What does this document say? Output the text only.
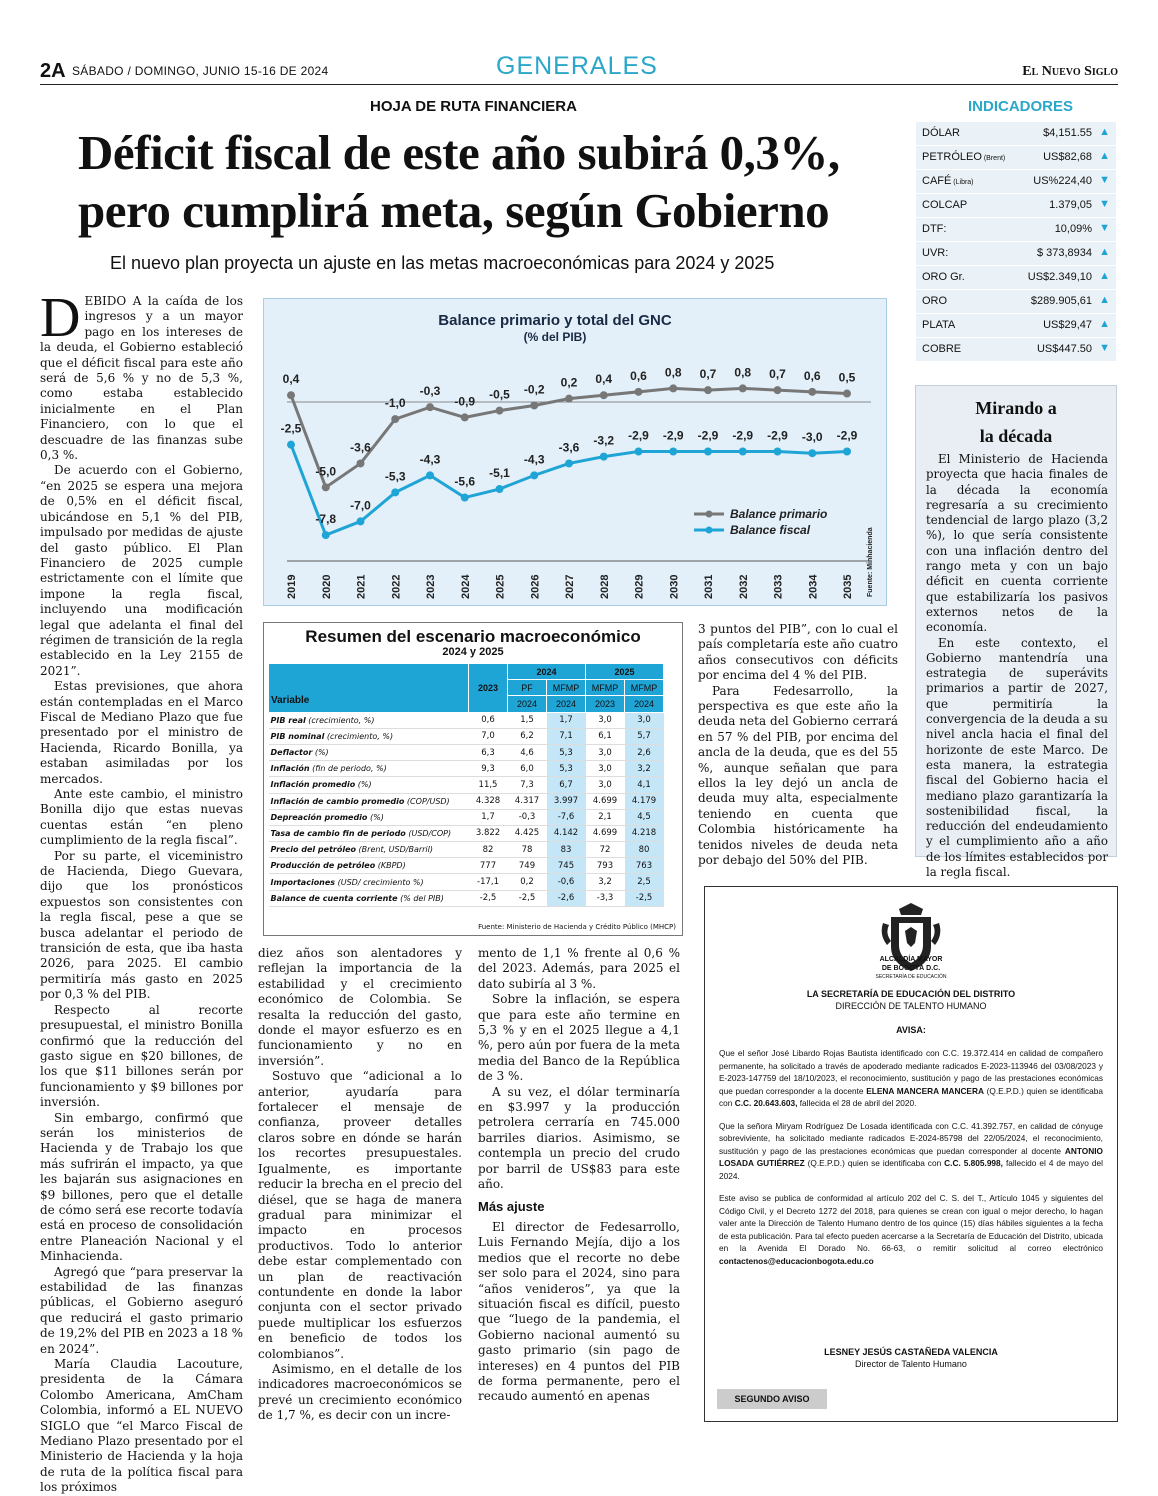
2A SÁBADO / DOMINGO, JUNIO 15-16 DE 2024	GENERALES	El Nuevo Siglo
HOJA DE RUTA FINANCIERA
Déficit fiscal de este año subirá 0,3%,
pero cumplirá meta, según Gobierno
El nuevo plan proyecta un ajuste en las metas macroeconómicas para 2024 y 2025

DEBIDO A la caída de los ingresos y a un mayor pago en los intereses de la deuda, el Gobierno estableció que el déficit fiscal para este año será de 5,6 % y no de 5,3 %, como estaba establecido inicialmente en el Plan Financiero, con lo que el descuadre de las finanzas sube 0,3 %.

De acuerdo con el Gobierno, “en 2025 se espera una mejora de 0,5% en el déficit fiscal, ubicándose en 5,1 % del PIB, impulsado por medidas de ajuste del gasto público. El Plan Financiero de 2025 cumple estrictamente con el límite que impone la regla fiscal, incluyendo una modificación legal que adelanta el final del régimen de transición de la regla establecido en la Ley 2155 de 2021”.

Estas previsiones, que ahora están contempladas en el Marco Fiscal de Mediano Plazo que fue presentado por el ministro de Hacienda, Ricardo Bonilla, ya estaban asimiladas por los mercados.

Ante este cambio, el ministro Bonilla dijo que estas nuevas cuentas están “en pleno cumplimiento de la regla fiscal”.

Por su parte, el viceministro de Hacienda, Diego Guevara, dijo que los pronósticos expuestos son consistentes con la regla fiscal, pese a que se busca adelantar el periodo de transición de esta, que iba hasta 2026, para 2025. El cambio permitiría más gasto en 2025 por 0,3 % del PIB.

Respecto al recorte presupuestal, el ministro Bonilla confirmó que la reducción del gasto sigue en $20 billones, de los que $11 billones serán por funcionamiento y $9 billones por inversión.

Sin embargo, confirmó que serán los ministerios de Hacienda y de Trabajo los que más sufrirán el impacto, ya que les bajarán sus asignaciones en $9 billones, pero que el detalle de cómo será ese recorte todavía está en proceso de consolidación entre Planeación Nacional y el Minhacienda.

Agregó que “para preservar la estabilidad de las finanzas públicas, el Gobierno aseguró que reducirá el gasto primario de 19,2% del PIB en 2023 a 18 % en 2024”.

María Claudia Lacouture, presidenta de la Cámara Colombo Americana, AmCham Colombia, informó a EL NUEVO SIGLO que “el Marco Fiscal de Mediano Plazo presentado por el Ministerio de Hacienda y la hoja de ruta de la política fiscal para los próximos

Balance primario y total del GNC
(% del PIB)
0,4
-5,0
-3,6
-1,0
-0,3
-0,9 -0,5 -0,2 0,2 0,4 0,6 0,8 0,7 0,8 0,7 0,6 0,5
-2,5
-7,8
-7,0
-5,3
-4,3
-5,6
-5,1
-4,3
-3,6 -3,2 -2,9 -2,9 -2,9 -2,9 -2,9 -3,0 -2,9
2019 2020 2021 2022 2023 2024 2025 2026 2027 2028 2029 2030 2031 2032 2033 2034 2035
Balance primario
Balance fiscal	Fuente: Minhacienda
Resumen del escenario macroeconómico
2024 y 2025
Variable	2023	2024		2025	
		PF	MFMP	MFMP	MFMP
		2024	2024	2023	2024
PIB real (crecimiento, %)	0,6	1,5	1,7	3,0	3,0
PIB nominal (crecimiento, %)	7,0	6,2	7,1	6,1	5,7
Deflactor (%)	6,3	4,6	5,3	3,0	2,6
Inflación (fin de periodo, %)	9,3	6,0	5,3	3,0	3,2
Inflación promedio (%)	11,5	7,3	6,7	3,0	4,1
Inflación de cambio promedio (COP/USD)	4.328	4.317	3.997	4.699	4.179
Depreación promedio (%)	1,7	-0,3	-7,6	2,1	4,5
Tasa de cambio fin de periodo (USD/COP)	3.822	4.425	4.142	4.699	4.218
Precio del petróleo (Brent, USD/Barril)	82	78	83	72	80
Producción de petróleo (KBPD)	777	749	745	793	763
Importaciones (USD/ crecimiento %)	-17,1	0,2	-0,6	3,2	2,5
Balance de cuenta corriente (% del PIB)	-2,5	-2,5	-2,6	-3,3	-2,5
Fuente: Ministerio de Hacienda y Crédito Público (MHCP)

diez años son alentadores y reflejan la importancia de la estabilidad y el crecimiento económico de Colombia. Se resalta la reducción del gasto, donde el mayor esfuerzo es en funcionamiento y no en inversión”.

Sostuvo que “adicional a lo anterior, ayudaría para fortalecer el mensaje de confianza, proveer detalles claros sobre en dónde se harán los recortes presupuestales. Igualmente, es importante reducir la brecha en el precio del diésel, que se haga de manera gradual para minimizar el impacto en procesos productivos. Todo lo anterior debe estar complementado con un plan de reactivación contundente en donde la labor conjunta con el sector privado puede multiplicar los esfuerzos en beneficio de todos los colombianos”.

Asimismo, en el detalle de los indicadores macroeconómicos se prevé un crecimiento económico de 1,7 %, es decir con un incre-

mento de 1,1 % frente al 0,6 % del 2023. Además, para 2025 el dato subiría al 3 %.

Sobre la inflación, se espera que para este año termine en 5,3 % y en el 2025 llegue a 4,1 %, pero aún por fuera de la meta media del Banco de la República de 3 %.

A su vez, el dólar terminaría en $3.997 y la producción petrolera cerraría en 745.000 barriles diarios. Asimismo, se contempla un precio del crudo por barril de US$83 para este año.

Más ajuste

El director de Fedesarrollo, Luis Fernando Mejía, dijo a los medios que el recorte no debe ser solo para el 2024, sino para “años venideros”, ya que la situación fiscal es difícil, puesto que “luego de la pandemia, el Gobierno nacional aumentó su gasto primario (sin pago de intereses) en 4 puntos del PIB de forma permanente, pero el recaudo aumentó en apenas

3 puntos del PIB”, con lo cual el país completaría este año cuatro años consecutivos con déficits por encima del 4 % del PIB.

Para Fedesarrollo, la perspectiva es que este año la deuda neta del Gobierno cerrará en 57 % del PIB, por encima del ancla de la deuda, que es del 55 %, aunque señalan que para ellos la ley dejó un ancla de deuda muy alta, especialmente teniendo en cuenta que Colombia históricamente ha tenidos niveles de deuda neta por debajo del 50% del PIB.

INDICADORES
DÓLAR	$4,151.55 ▲
PETRÓLEO (Brent)	US$82,68 ▲
CAFÉ (Libra)	US%224,40 ▼
COLCAP	1.379,05 ▼
DTF:	10,09% ▼
UVR:	$ 373,8934 ▲
ORO Gr.	US$2.349,10 ▲
ORO	$289.905,61 ▲
PLATA	US$29,47 ▲
COBRE	US$447.50 ▼
Mirando a
la década

El Ministerio de Hacienda proyecta que hacia finales de la década la economía regresaría a su crecimiento tendencial de largo plazo (3,2 %), lo que sería consistente con una inflación dentro del rango meta y con un bajo déficit en cuenta corriente que estabilizaría los pasivos externos netos de la economía.

En este contexto, el Gobierno mantendría una estrategia de superávits primarios a partir de 2027, que permitiría la convergencia de la deuda a su nivel ancla hacia el final del horizonte de este Marco. De esta manera, la estrategia fiscal del Gobierno hacia el mediano plazo garantizaría la sostenibilidad fiscal, la reducción del endeudamiento y el cumplimiento año a año de los límites establecidos por la regla fiscal.

ALCALDÍA MAYOR
DE BOGOTÁ D.C.
SECRETARÍA DE EDUCACIÓN
LA SECRETARÍA DE EDUCACIÓN DEL DISTRITO
DIRECCIÓN DE TALENTO HUMANO
AVISA:

Que el señor José Libardo Rojas Bautista identificado con C.C. 19.372.414 en calidad de compañero permanente, ha solicitado a través de apoderado mediante radicados E-2023-113946 del 03/08/2023 y E-2023-147759 del 18/10/2023, el reconocimiento, sustitución y pago de las prestaciones económicas que puedan corresponder a la docente ELENA MANCERA MANCERA (Q.E.P.D.) quien se identificaba con C.C. 20.643.603, fallecida el 28 de abril del 2020.

Que la señora Miryam Rodríguez De Losada identificada con C.C. 41.392.757, en calidad de cónyuge sobreviviente, ha solicitado mediante radicados E-2024-85798 del 22/05/2024, el reconocimiento, sustitución y pago de las prestaciones económicas que puedan corresponder al docente ANTONIO LOSADA GUTIÉRREZ (Q.E.P.D.) quien se identificaba con C.C. 5.805.998, fallecido el 4 de mayo del 2024.

Este aviso se publica de conformidad al artículo 202 del C. S. del T., Artículo 1045 y siguientes del Código Civil, y el Decreto 1272 del 2018, para quienes se crean con igual o mejor derecho, lo hagan valer ante la Dirección de Talento Humano dentro de los quince (15) días hábiles siguientes a la fecha de esta publicación. Para tal efecto pueden acercarse a la Secretaría de Educación del Distrito, ubicada en la Avenida El Dorado No. 66-63, o remitir solicitud al correo electrónico contactenos@educacionbogota.edu.co

LESNEY JESÚS CASTAÑEDA VALENCIA
Director de Talento Humano
SEGUNDO AVISO
